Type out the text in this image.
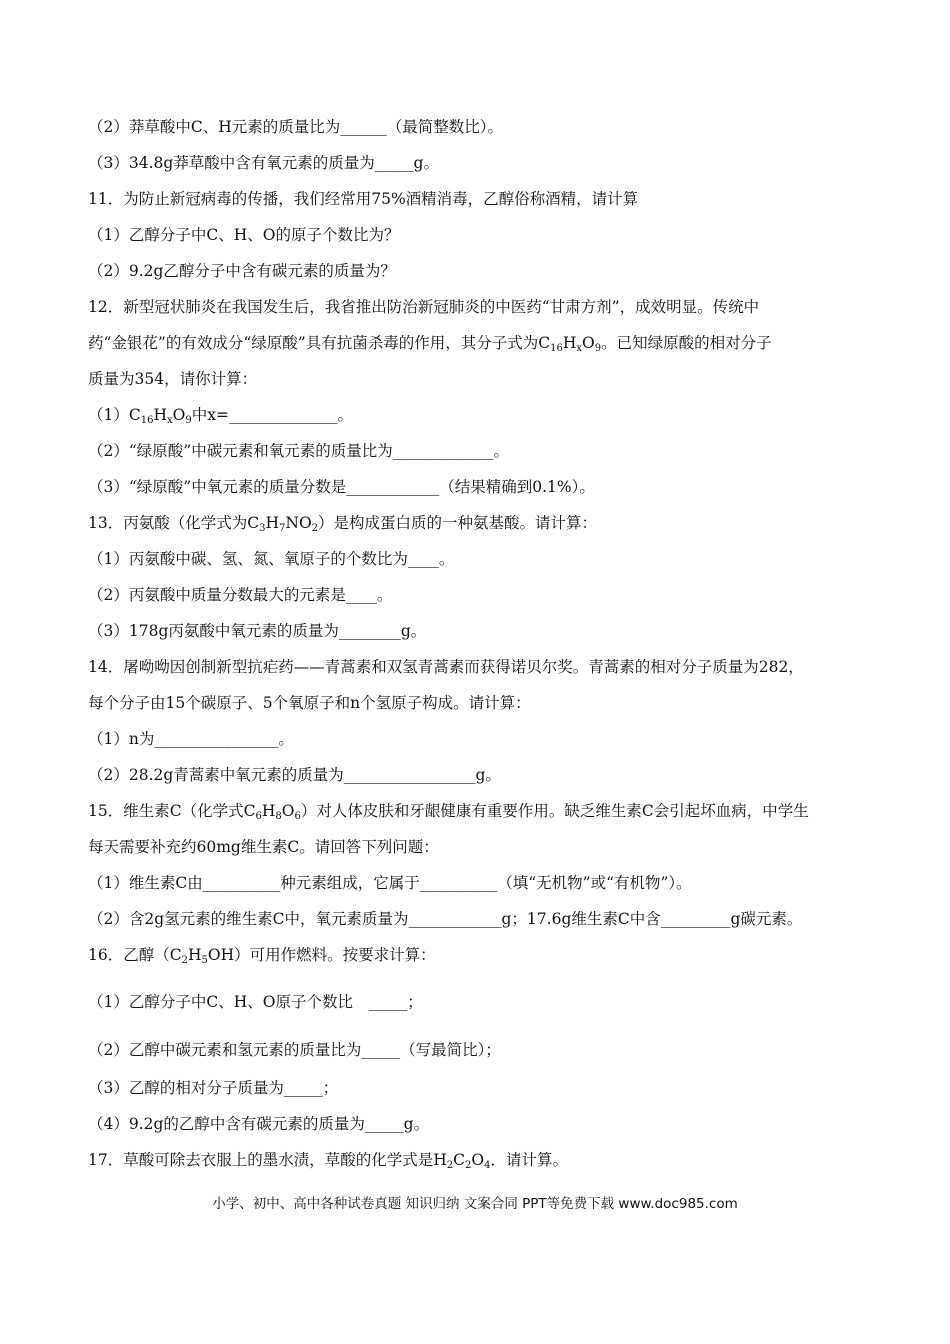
（2）莽草酸中C、H元素的质量比为______（最简整数比）。
（3）34.8g莽草酸中含有氧元素的质量为_____g。
11．为防止新冠病毒的传播，我们经常用75%酒精消毒，乙醇俗称酒精，请计算
（1）乙醇分子中C、H、O的原子个数比为？
（2）9.2g乙醇分子中含有碳元素的质量为？
12．新型冠状肺炎在我国发生后，我省推出防治新冠肺炎的中医药“甘肃方剂”，成效明显。传统中
药“金银花”的有效成分“绿原酸”具有抗菌杀毒的作用，其分子式为$C_{16}H_xO_9$。已知绿原酸的相对分子
质量为354，请你计算：
$(1)C_{16}H_xO_9$中x=______________。
（2）“绿原酸”中碳元素和氧元素的质量比为_____________。
（3）“绿原酸”中氧元素的质量分数是____________（结果精确到0.1%）。
13．丙氨酸（化学式为$C_3H_7NO_2$）是构成蛋白质的一种氨基酸。请计算：
（1）丙氨酸中碳、氢、氮、氧原子的个数比为____。
（2）丙氨酸中质量分数最大的元素是____。
（3）178g丙氨酸中氧元素的质量为________g。
14．屠呦呦因创制新型抗疟药——青蒿素和双氢青蒿素而获得诺贝尔奖。青蒿素的相对分子质量为282，
每个分子由15个碳原子、5个氧原子和n个氢原子构成。请计算：
（1）n为________________。
（2）28.2g青蒿素中氧元素的质量为_________________g。
15．维生素C（化学式$C_6H_8O_6$）对人体皮肤和牙龈健康有重要作用。缺乏维生素C会引起坏血病，中学生
每天需要补充约60mg维生素C。请回答下列问题：
（1）维生素C由__________种元素组成，它属于__________（填“无机物”或“有机物”）。
（2）含2g氢元素的维生素C中，氧元素质量为____________g；17.6g维生素C中含_________g碳元素。
16．乙醇$(C_2H_5OH)$可用作燃料。按要求计算：
（1）乙醇分子中C、H、O原子个数比　_____；
（2）乙醇中碳元素和氢元素的质量比为_____（写最简比）；
（3）乙醇的相对分子质量为_____；
（4）9.2g的乙醇中含有碳元素的质量为_____g。
17．草酸可除去衣服上的墨水渍，草酸的化学式是$H_2C_2O_4$．请计算。
小学、初中、高中各种试卷真题 知识归纳 文案合同 PPT等免费下载 www.doc985.com
